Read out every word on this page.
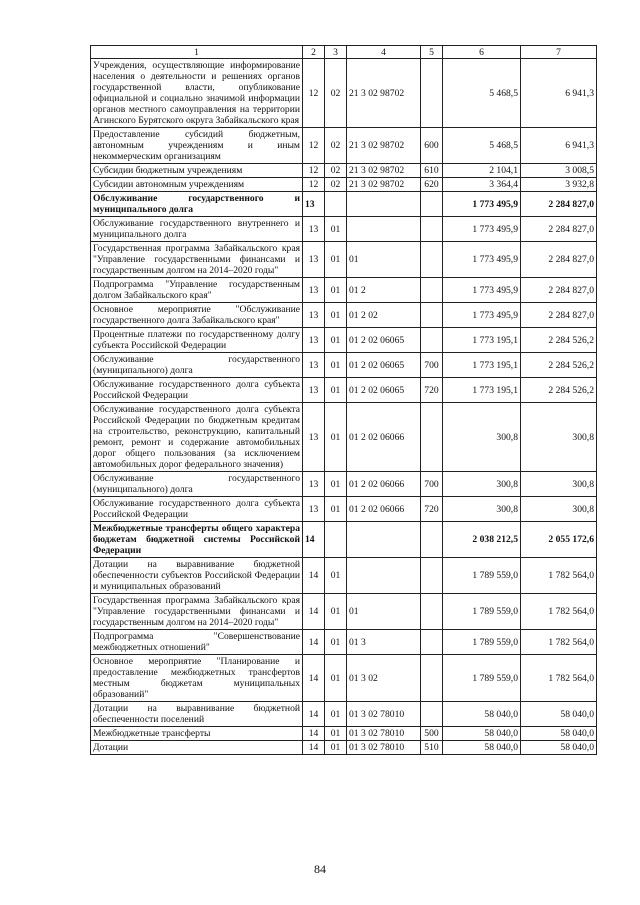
1	2	3	4	5	6	7
Учреждения, осуществляющие информирование населения о деятельности и решениях органов государственной власти, опубликование официальной и социально значимой информации органов местного самоуправления на территории Агинского Бурятского округа Забайкальского края	12	02	21 3 02 98702		5 468,5	6 941,3
Предоставление субсидий бюджетным, автономным учреждениям и иным некоммерческим организациям	12	02	21 3 02 98702	600	5 468,5	6 941,3
Субсидии бюджетным учреждениям	12	02	21 3 02 98702	610	2 104,1	3 008,5
Субсидии автономным учреждениям	12	02	21 3 02 98702	620	3 364,4	3 932,8
Обслуживание государственного и муниципального долга	13				1 773 495,9	2 284 827,0
Обслуживание государственного внутреннего и муниципального долга	13	01			1 773 495,9	2 284 827,0
Государственная программа Забайкальского края "Управление государственными финансами и государственным долгом на 2014–2020 годы"	13	01	01		1 773 495,9	2 284 827,0
Подпрограмма "Управление государственным долгом Забайкальского края"	13	01	01 2		1 773 495,9	2 284 827,0
Основное мероприятие "Обслуживание государственного долга Забайкальского края"	13	01	01 2 02		1 773 495,9	2 284 827,0
Процентные платежи по государственному долгу субъекта Российской Федерации	13	01	01 2 02 06065		1 773 195,1	2 284 526,2
Обслуживание государственного (муниципального) долга	13	01	01 2 02 06065	700	1 773 195,1	2 284 526,2
Обслуживание государственного долга субъекта Российской Федерации	13	01	01 2 02 06065	720	1 773 195,1	2 284 526,2
Обслуживание государственного долга субъекта Российской Федерации по бюджетным кредитам на строительство, реконструкцию, капитальный ремонт, ремонт и содержание автомобильных дорог общего пользования (за исключением автомобильных дорог федерального значения)	13	01	01 2 02 06066		300,8	300,8
Обслуживание государственного (муниципального) долга	13	01	01 2 02 06066	700	300,8	300,8
Обслуживание государственного долга субъекта Российской Федерации	13	01	01 2 02 06066	720	300,8	300,8
Межбюджетные трансферты общего характера бюджетам бюджетной системы Российской Федерации	14				2 038 212,5	2 055 172,6
Дотации на выравнивание бюджетной обеспеченности субъектов Российской Федерации и муниципальных образований	14	01			1 789 559,0	1 782 564,0
Государственная программа Забайкальского края "Управление государственными финансами и государственным долгом на 2014–2020 годы"	14	01	01		1 789 559,0	1 782 564,0
Подпрограмма "Совершенствование межбюджетных отношений"	14	01	01 3		1 789 559,0	1 782 564,0
Основное мероприятие "Планирование и предоставление межбюджетных трансфертов местным бюджетам муниципальных образований"	14	01	01 3 02		1 789 559,0	1 782 564,0
Дотации на выравнивание бюджетной обеспеченности поселений	14	01	01 3 02 78010		58 040,0	58 040,0
Межбюджетные трансферты	14	01	01 3 02 78010	500	58 040,0	58 040,0
Дотации	14	01	01 3 02 78010	510	58 040,0	58 040,0
84
